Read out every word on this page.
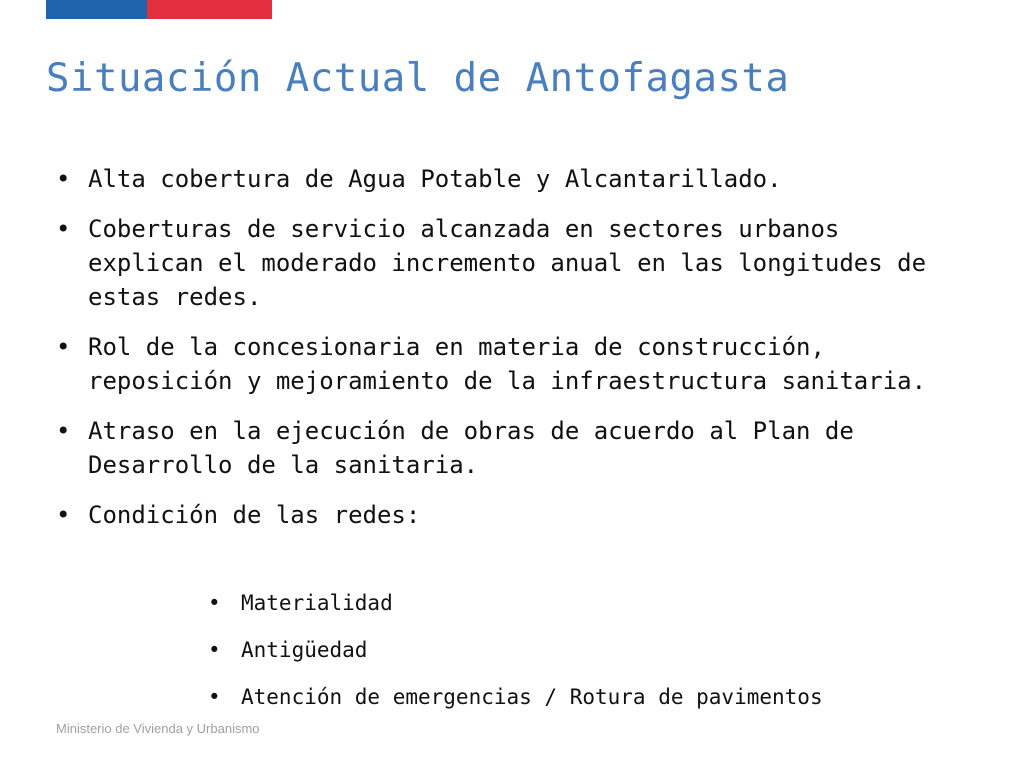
Situación Actual de Antofagasta
• Alta cobertura de Agua Potable y Alcantarillado.
• Coberturas de servicio alcanzada en sectores urbanos explican el moderado incremento anual en las longitudes de estas redes.
• Rol de la concesionaria en materia de construcción, reposición y mejoramiento de la infraestructura sanitaria.
• Atraso en la ejecución de obras de acuerdo al Plan de Desarrollo de la sanitaria.
• Condición de las redes:
Ministerio de Vivienda y Urbanismo
• Materialidad
• Antigüedad
• Atención de emergencias / Rotura de pavimentos
